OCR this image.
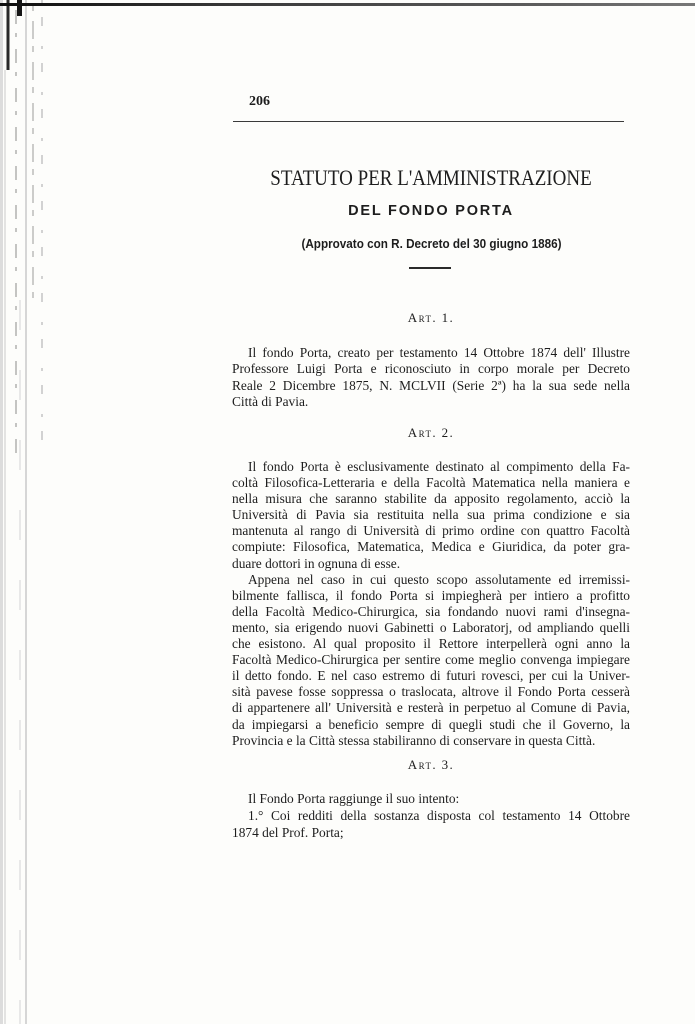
206
STATUTO PER L'AMMINISTRAZIONE
DEL FONDO PORTA
(Approvato con R. Decreto del 30 giugno 1886)
Art. 1.
Il fondo Porta, creato per testamento 14 Ottobre 1874 dell' Illustre
Professore Luigi Porta e riconosciuto in corpo morale per Decreto
Reale 2 Dicembre 1875, N. MCLVII (Serie 2ª) ha la sua sede nella
Città di Pavia.
Art. 2.
Il fondo Porta è esclusivamente destinato al compimento della Fa-
coltà Filosofica-Letteraria e della Facoltà Matematica nella maniera e
nella misura che saranno stabilite da apposito regolamento, acciò la
Università di Pavia sia restituita nella sua prima condizione e sia
mantenuta al rango di Università di primo ordine con quattro Facoltà
compiute: Filosofica, Matematica, Medica e Giuridica, da poter gra-
duare dottori in ognuna di esse.
Appena nel caso in cui questo scopo assolutamente ed irremissi-
bilmente fallisca, il fondo Porta si impiegherà per intiero a profitto
della Facoltà Medico-Chirurgica, sia fondando nuovi rami d'insegna-
mento, sia erigendo nuovi Gabinetti o Laboratorj, od ampliando quelli
che esistono. Al qual proposito il Rettore interpellerà ogni anno la
Facoltà Medico-Chirurgica per sentire come meglio convenga impiegare
il detto fondo. E nel caso estremo di futuri rovesci, per cui la Univer-
sità pavese fosse soppressa o traslocata, altrove il Fondo Porta cesserà
di appartenere all' Università e resterà in perpetuo al Comune di Pavia,
da impiegarsi a beneficio sempre di quegli studi che il Governo, la
Provincia e la Città stessa stabiliranno di conservare in questa Città.
Art. 3.
Il Fondo Porta raggiunge il suo intento:
1.° Coi redditi della sostanza disposta col testamento 14 Ottobre
1874 del Prof. Porta;
